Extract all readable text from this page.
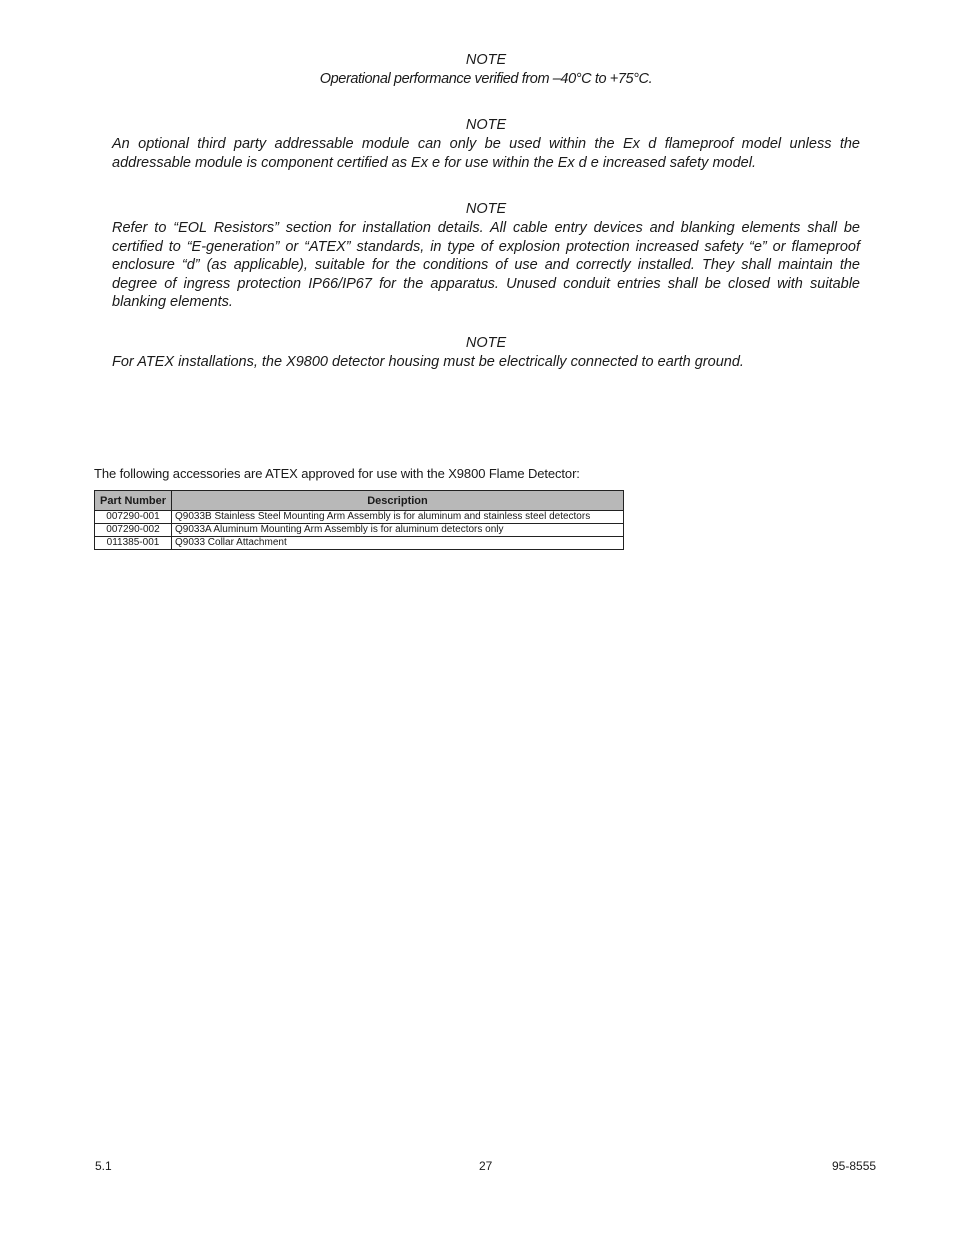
NOTE

Operational performance verified from –40°C to +75°C.

NOTE

An optional third party addressable module can only be used within the Ex d flameproof model unless the addressable module is component certified as Ex e for use within the Ex d e increased safety model.

NOTE

Refer to “EOL Resistors” section for installation details. All cable entry devices and blanking elements shall be certified to “E-generation” or “ATEX” standards, in type of explosion protection increased safety “e” or flameproof enclosure “d” (as applicable), suitable for the conditions of use and correctly installed. They shall maintain the degree of ingress protection IP66/IP67 for the apparatus. Unused conduit entries shall be closed with suitable blanking elements.

NOTE

For ATEX installations, the X9800 detector housing must be electrically connected to earth ground.

The following accessories are ATEX approved for use with the X9800 Flame Detector:

Part Number	Description
007290-001	Q9033B Stainless Steel Mounting Arm Assembly is for aluminum and stainless steel detectors
007290-002	Q9033A Aluminum Mounting Arm Assembly is for aluminum detectors only
011385-001	Q9033 Collar Attachment

5.1	27	95-8555
